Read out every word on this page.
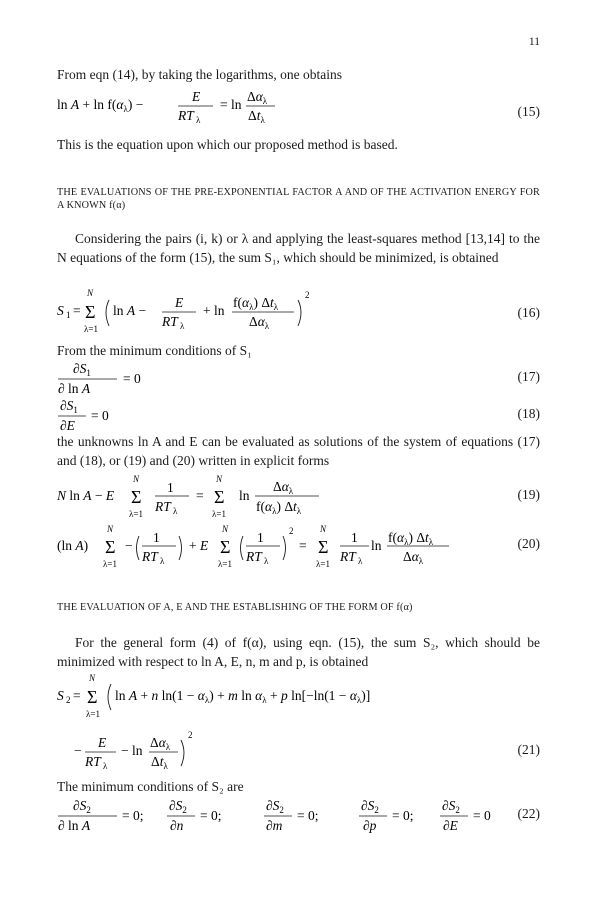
11
From eqn (14), by taking the logarithms, one obtains
$\ln A + \ln f(\alpha_\lambda)$ −
E
RT λ
= ln
$\Delta\alpha_\lambda$
$\Delta t_\lambda$
(15)
This is the equation upon which our proposed method is based.
THE EVALUATIONS OF THE PRE-EXPONENTIAL FACTOR A AND OF THE ACTIVATION ENERGY FOR A KNOWN f(α)
Considering the pairs (i, k) or λ and applying the least-squares method [13,14] to the N equations of the form (15), the sum S₁, which should be minimized, is obtained
S 1 =
N
Σ
λ=1
ln A −
E
RT λ
+ ln
$f(\alpha_\lambda)$ $\Delta t_\lambda$
$\Delta\alpha_\lambda$
2
(16)
From the minimum conditions of S₁
$\partial S_1$
∂ ln A
= 0	(17)
$\partial S_1$
∂E
= 0	(18)
the unknowns ln A and E can be evaluated as solutions of the system of equations (17) and (18), or (19) and (20) written in explicit forms
N ln A − E
N
Σ
λ=1
1
RT λ
=
N
Σ
λ=1
ln
$\Delta\alpha_\lambda$
$f(\alpha_\lambda)$ $\Delta t_\lambda$
(19)
(ln A)
N
Σ
λ=1
−
1
RT λ
+ E
N
Σ
λ=1
1
RT λ
2
=
N
Σ
λ=1
1
RT λ
ln
$f(\alpha_\lambda)$ $\Delta t_\lambda$
$\Delta\alpha_\lambda$
(20)
THE EVALUATION OF A, E AND THE ESTABLISHING OF THE FORM OF f(α)
For the general form (4) of f(α), using eqn. (15), the sum S₂, which should be minimized with respect to ln A, E, n, m and p, is obtained
S 2 =
N
Σ
λ=1
ln A + n $\ln(1 - \alpha_\lambda) + m$ $\ln \alpha_\lambda + p$ $\ln[-\ln(1 - \alpha_\lambda)]$
−
E
RT λ
− ln
$\Delta\alpha_\lambda$
$\Delta t_\lambda$
2
(21)
The minimum conditions of S₂ are
$\partial S_2$
∂ ln A
= 0;
$\partial S_2$
∂n
= 0;
$\partial S_2$
∂m
= 0;
$\partial S_2$
∂p
= 0;
$\partial S_2$
∂E
= 0	(22)
